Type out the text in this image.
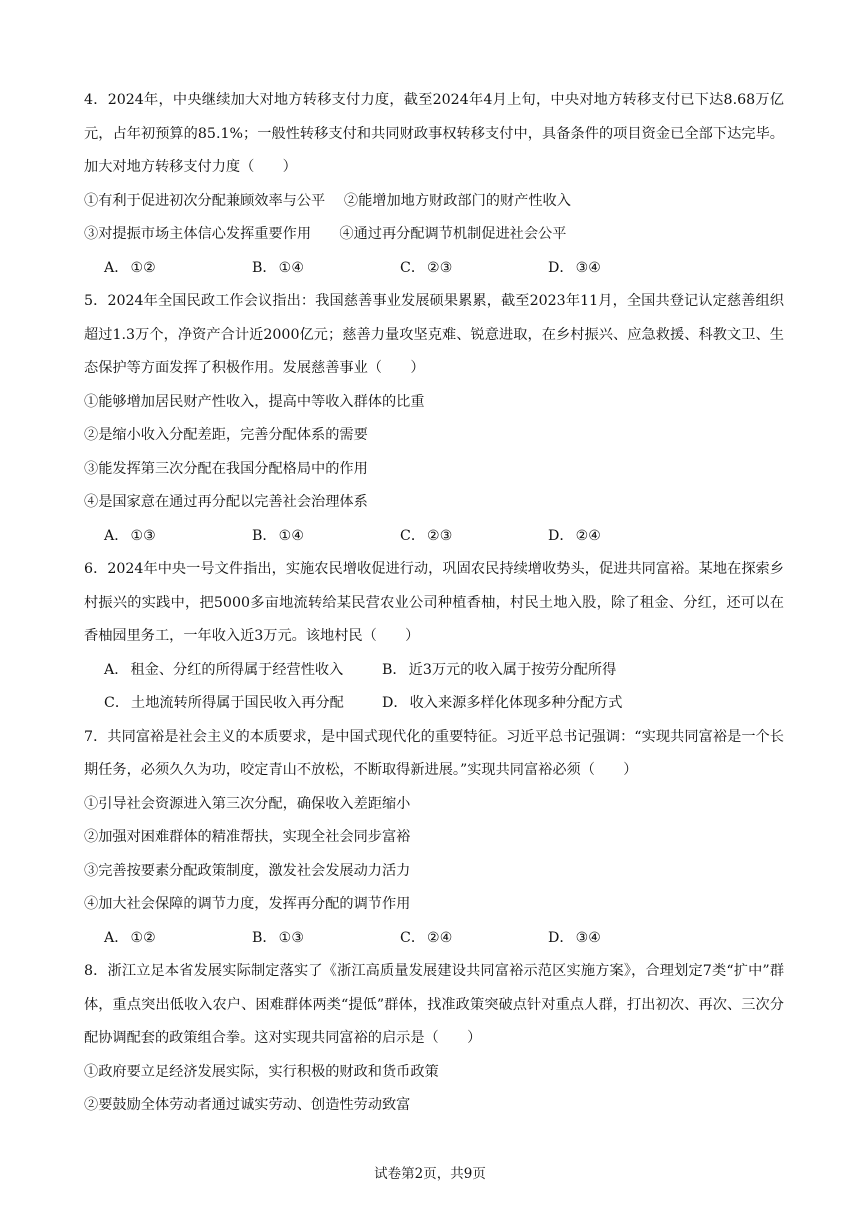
4．2024年，中央继续加大对地方转移支付力度，截至2024年4月上旬，中央对地方转移支付已下达8.68万亿元，占年初预算的85.1%；一般性转移支付和共同财政事权转移支付中，具备条件的项目资金已全部下达完毕。加大对地方转移支付力度（　　）

①有利于促进初次分配兼顾效率与公平　 ②能增加地方财政部门的财产性收入

③对提振市场主体信心发挥重要作用　　④通过再分配调节机制促进社会公平

A． ①②	B． ①④	C． ②③	D． ③④

5．2024年全国民政工作会议指出：我国慈善事业发展硕果累累，截至2023年11月，全国共登记认定慈善组织超过1.3万个，净资产合计近2000亿元；慈善力量攻坚克难、锐意进取，在乡村振兴、应急救援、科教文卫、生态保护等方面发挥了积极作用。发展慈善事业（　　）

①能够增加居民财产性收入，提高中等收入群体的比重

②是缩小收入分配差距，完善分配体系的需要

③能发挥第三次分配在我国分配格局中的作用

④是国家意在通过再分配以完善社会治理体系

A． ①③	B． ①④	C． ②③	D． ②④

6．2024年中央一号文件指出，实施农民增收促进行动，巩固农民持续增收势头，促进共同富裕。某地在探索乡村振兴的实践中，把5000多亩地流转给某民营农业公司种植香柚，村民土地入股，除了租金、分红，还可以在香柚园里务工，一年收入近3万元。该地村民（　　）

A． 租金、分红的所得属于经营性收入	B． 近3万元的收入属于按劳分配所得
C． 土地流转所得属于国民收入再分配	D． 收入来源多样化体现多种分配方式

7．共同富裕是社会主义的本质要求，是中国式现代化的重要特征。习近平总书记强调：“实现共同富裕是一个长期任务，必须久久为功，咬定青山不放松，不断取得新进展。”实现共同富裕必须（　　）

①引导社会资源进入第三次分配，确保收入差距缩小

②加强对困难群体的精准帮扶，实现全社会同步富裕

③完善按要素分配政策制度，激发社会发展动力活力

④加大社会保障的调节力度，发挥再分配的调节作用

A． ①②	B． ①③	C． ②④	D． ③④

8．浙江立足本省发展实际制定落实了《浙江高质量发展建设共同富裕示范区实施方案》，合理划定7类“扩中”群体，重点突出低收入农户、困难群体两类“提低”群体，找准政策突破点针对重点人群，打出初次、再次、三次分配协调配套的政策组合拳。这对实现共同富裕的启示是（　　）

①政府要立足经济发展实际，实行积极的财政和货币政策

②要鼓励全体劳动者通过诚实劳动、创造性劳动致富

试卷第2页，共9页
